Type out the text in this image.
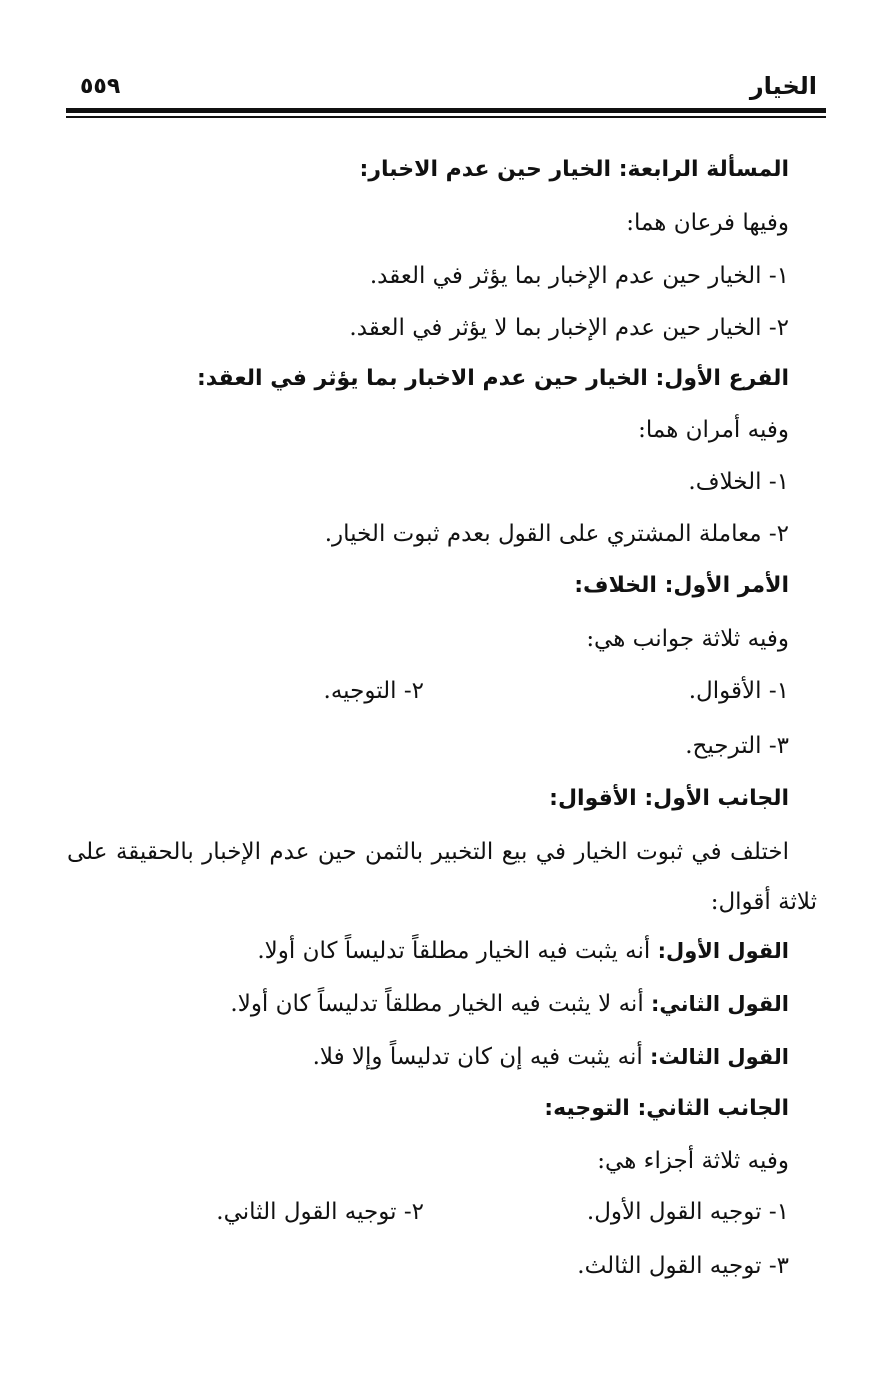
الخيار
٥٥٩
المسألة الرابعة: الخيار حين عدم الاخبار:
وفيها فرعان هما:
١- الخيار حين عدم الإخبار بما يؤثر في العقد.
٢- الخيار حين عدم الإخبار بما لا يؤثر في العقد.
الفرع الأول: الخيار حين عدم الاخبار بما يؤثر في العقد:
وفيه أمران هما:
١- الخلاف.
٢- معاملة المشتري على القول بعدم ثبوت الخيار.
الأمر الأول: الخلاف:
وفيه ثلاثة جوانب هي:
١- الأقوال.
٢- التوجيه.
٣- الترجيح.
الجانب الأول: الأقوال:
اختلف في ثبوت الخيار في بيع التخبير بالثمن حين عدم الإخبار بالحقيقة على
ثلاثة أقوال:
القول الأول: أنه يثبت فيه الخيار مطلقاً تدليساً كان أولا.
القول الثاني: أنه لا يثبت فيه الخيار مطلقاً تدليساً كان أولا.
القول الثالث: أنه يثبت فيه إن كان تدليساً وإلا فلا.
الجانب الثاني: التوجيه:
وفيه ثلاثة أجزاء هي:
١- توجيه القول الأول.
٢- توجيه القول الثاني.
٣- توجيه القول الثالث.
